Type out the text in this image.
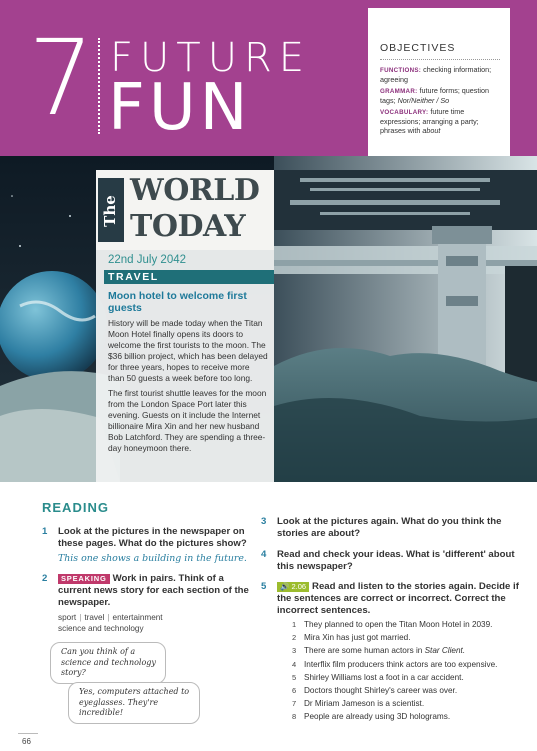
7 FUTURE
FUN
OBJECTIVES
FUNCTIONS: checking information; agreeing
GRAMMAR: future forms; question tags; Nor/Neither / So
VOCABULARY: future time expressions; arranging a party; phrases with about
The
WORLD
TODAY
22nd July 2042
TRAVEL
Moon hotel to welcome first guests

History will be made today when the Titan Moon Hotel finally opens its doors to welcome the first tourists to the moon. The $36 billion project, which has been delayed for three years, hopes to receive more than 50 guests a week before too long.

The first tourist shuttle leaves for the moon from the London Space Port later this evening. Guests on it include the Internet billionaire Mira Xin and her new husband Bob Latchford. They are spending a three-day honeymoon there.

READING
1 Look at the pictures in the newspaper on these pages. What do the pictures show?
This one shows a building in the future.
2 SPEAKING Work in pairs. Think of a current news story for each section of the newspaper.
sport | travel | entertainment
science and technology
Can you think of a science and technology story?
Yes, computers attached to eyeglasses. They're incredible!
3 Look at the pictures again. What do you think the stories are about?
4 Read and check your ideas. What is 'different' about this newspaper?
5 🔊 2.06 Read and listen to the stories again. Decide if the sentences are correct or incorrect. Correct the incorrect sentences.
1 They planned to open the Titan Moon Hotel in 2039.
2 Mira Xin has just got married.
3 There are some human actors in Star Client.
4 Interflix film producers think actors are too expensive.
5 Shirley Williams lost a foot in a car accident.
6 Doctors thought Shirley's career was over.
7 Dr Miriam Jameson is a scientist.
8 People are already using 3D holograms.
66
